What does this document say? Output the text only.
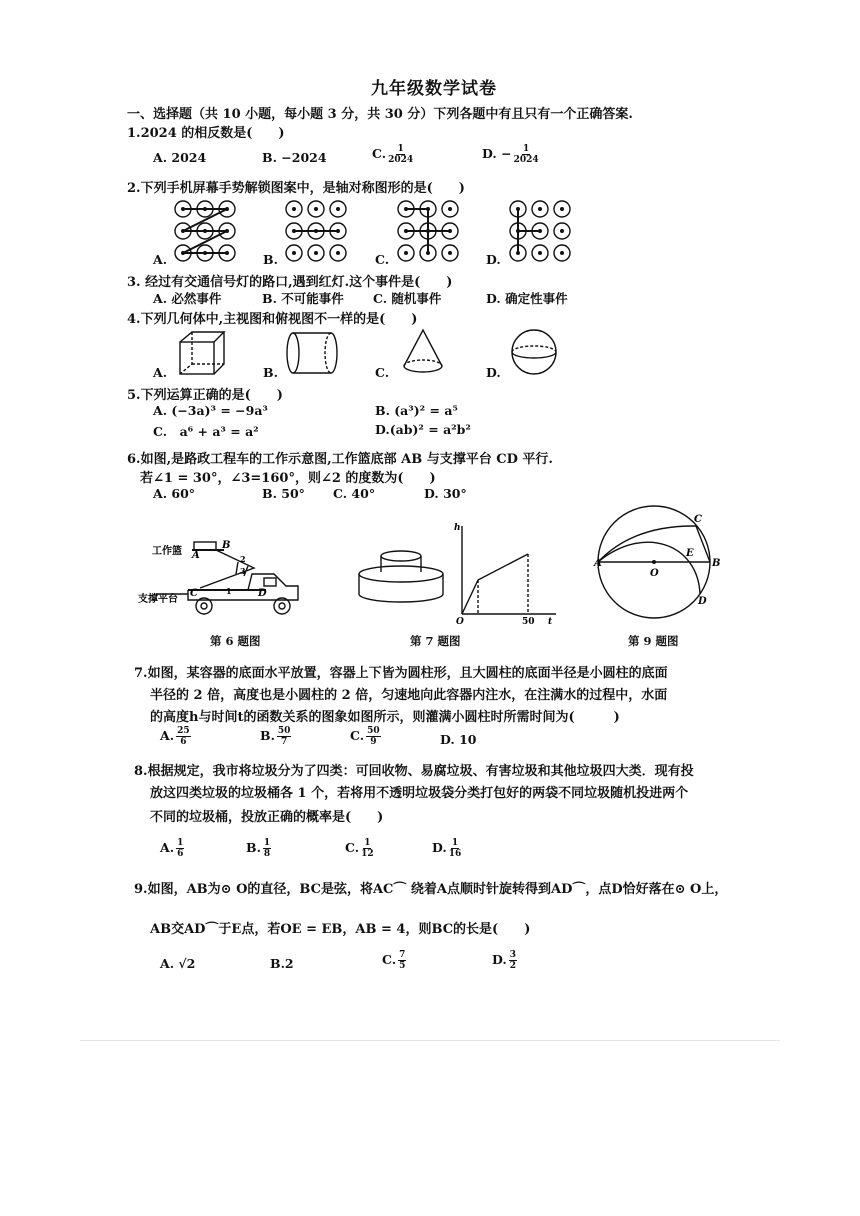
九年级数学试卷
一、选择题（共 10 小题，每小题 3 分，共 30 分）下列各题中有且只有一个正确答案.
1.2024 的相反数是(　　)
A. 2024	B. −2024	C. $\frac{1}{2024}$	D. − $\frac{1}{2024}$
2.下列手机屏幕手势解锁图案中，是轴对称图形的是(　　)
A.	B.	C.	D.
3. 经过有交通信号灯的路口,遇到红灯.这个事件是(　　)
A. 必然事件	B. 不可能事件 C. 随机事件	D. 确定性事件
4.下列几何体中,主视图和俯视图不一样的是(　　)
A.	B.	C.	D.
5.下列运算正确的是(　　)
A. (−3a)³ = −9a³	B. (a³)² = a⁵
C.　a⁶ + a³ = a²	D.(ab)² = a²b²
6.如图,是路政工程车的工作示意图,工作篮底部 AB 与支撑平台 CD 平行.
若∠1 = 30°，∠3=160°，则∠2 的度数为(　　)
A. 60°	B. 50° C. 40°	D. 30°
工作篮
支撑平台
A
B
C	D
1
2
3
第 6 题图
h
t
O	50
第 7 题图
A	B
C
D
E
O
第 9 题图
7.如图，某容器的底面水平放置，容器上下皆为圆柱形，且大圆柱的底面半径是小圆柱的底面
半径的 2 倍，高度也是小圆柱的 2 倍，匀速地向此容器内注水，在注满水的过程中，水面
的高度h与时间t的函数关系的图象如图所示，则灌满小圆柱时所需时间为(　　　)
A. $\frac{25}{6}$	B. $\frac{50}{7}$	C. $\frac{50}{9}$	D. 10
8.根据规定，我市将垃圾分为了四类：可回收物、易腐垃圾、有害垃圾和其他垃圾四大类．现有投
放这四类垃圾的垃圾桶各 1 个，若将用不透明垃圾袋分类打包好的两袋不同垃圾随机投进两个
不同的垃圾桶，投放正确的概率是(　　)
A. $\frac{1}{6}$	B. $\frac{1}{8}$	C. $\frac{1}{12}$	D. $\frac{1}{16}$
9.如图，AB为⊙ O的直径，BC是弦，将AC⌒ 绕着A点顺时针旋转得到AD⌒，点D恰好落在⊙ O上，
AB交AD⌒于E点，若OE = EB，AB = 4，则BC的长是(　　)
A. √2	B.2	C. $\frac{7}{5}$	D. $\frac{3}{2}$
